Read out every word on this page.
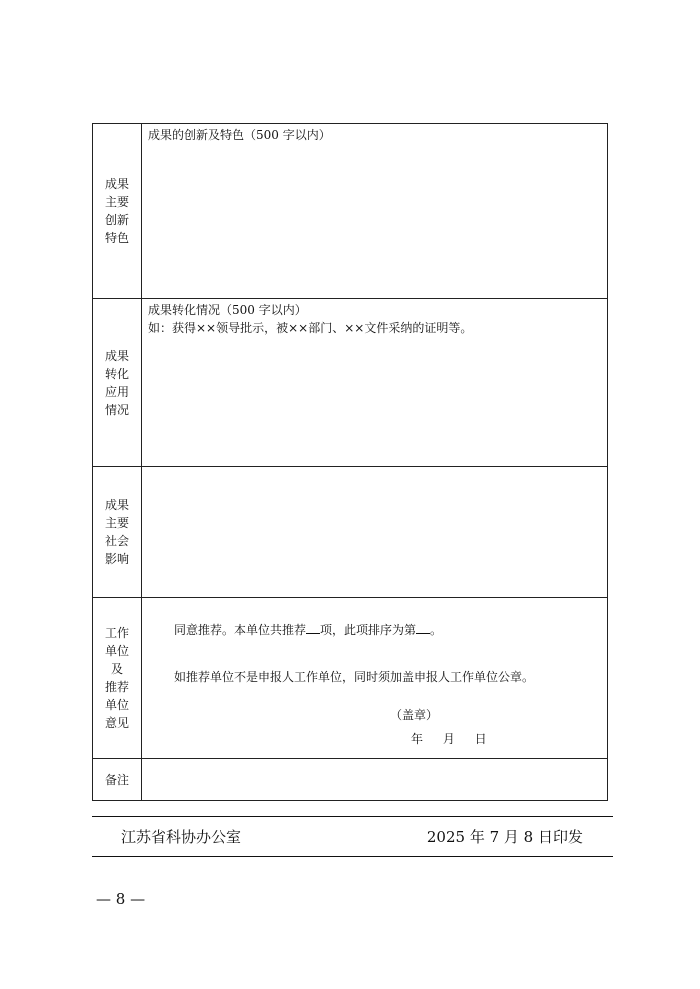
成果
主要
创新
特色
成果的创新及特色（500 字以内）
成果
转化
应用
情况
成果转化情况（500 字以内）
如：获得××领导批示，被××部门、××文件采纳的证明等。
成果
主要
社会
影响
工作
单位
及
推荐
单位
意见
同意推荐。本单位共推荐 项，此项排序为第 。
如推荐单位不是申报人工作单位，同时须加盖申报人工作单位公章。
（盖章）
年 月 日
备注
江苏省科协办公室	2025 年 7 月 8 日印发
— 8 —
